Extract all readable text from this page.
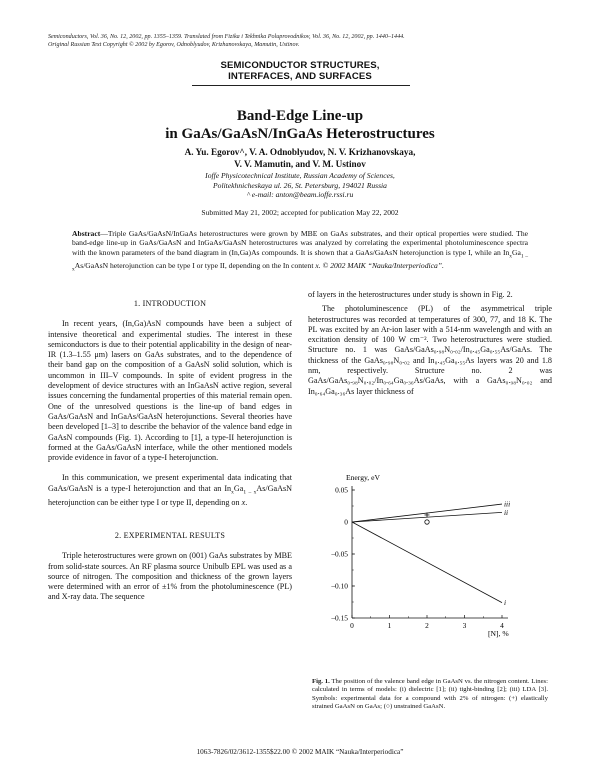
Semiconductors, Vol. 36, No. 12, 2002, pp. 1355–1359. Translated from Fizika i Tekhnika Poluprovodnikov, Vol. 36, No. 12, 2002, pp. 1440–1444.
Original Russian Text Copyright © 2002 by Egorov, Odnoblyudov, Krizhanovskaya, Mamutin, Ustinov.
SEMICONDUCTOR STRUCTURES,
INTERFACES, AND SURFACES
Band-Edge Line-up
in GaAs/GaAsN/InGaAs Heterostructures
A. Yu. Egorov^, V. A. Odnoblyudov, N. V. Krizhanovskaya,
V. V. Mamutin, and V. M. Ustinov
Ioffe Physicotechnical Institute, Russian Academy of Sciences,
Politekhnicheskaya ul. 26, St. Petersburg, 194021 Russia
^ e-mail: anton@beam.ioffe.rssi.ru
Submitted May 21, 2002; accepted for publication May 22, 2002
Abstract—Triple GaAs/GaAsN/InGaAs heterostructures were grown by MBE on GaAs substrates, and their optical properties were studied. The band-edge line-up in GaAs/GaAsN and InGaAs/GaAsN heterostructures was analyzed by correlating the experimental photoluminescence spectra with the known parameters of the band diagram in (In,Ga)As compounds. It is shown that a GaAs/GaAsN heterojunction is type I, while an $In_xGa_{1 - x}As$/GaAsN heterojunction can be type I or type II, depending on the In content x. © 2002 MAIK “Nauka/Interperiodica”.

1. INTRODUCTION

In recent years, (In,Ga)AsN compounds have been a subject of intensive theoretical and experimental studies. The interest in these semiconductors is due to their potential applicability in the design of near-IR (1.3–1.55 μm) lasers on GaAs substrates, and to the dependence of their band gap on the composition of a GaAsN solid solution, which is uncommon in III–V compounds. In spite of evident progress in the development of device structures with an InGaAsN active region, several issues concerning the fundamental properties of this material remain open. One of the unresolved questions is the line-up of band edges in GaAs/GaAsN and InGaAs/GaAsN heterojunctions. Several theories have been developed [1–3] to describe the behavior of the valence band edge in GaAsN compounds (Fig. 1). According to [1], a type-II heterojunction is formed at the GaAs/GaAsN interface, while the other mentioned models provide evidence in favor of a type-I heterojunction.

In this communication, we present experimental data indicating that GaAs/GaAsN is a type-I heterojunction and that an $In_xGa_{1 - x}As$/GaAsN heterojunction can be either type I or type II, depending on x.

2. EXPERIMENTAL RESULTS

Triple heterostructures were grown on (001) GaAs substrates by MBE from solid-state sources. An RF plasma source Unibulb EPL was used as a source of nitrogen. The composition and thickness of the grown layers were determined with an error of ±1% from the photoluminescence (PL) and X-ray data. The sequence

of layers in the heterostructures under study is shown in Fig. 2.

The photoluminescence (PL) of the asymmetrical triple heterostructures was recorded at temperatures of 300, 77, and 18 K. The PL was excited by an Ar-ion laser with a 514-nm wavelength and with an excitation density of 100 W cm⁻². Two heterostructures were studied. Structure no. 1 was GaAs/GaAs₀.₉₈N₀.₀₂/In₀.₄₅Ga₀.₅₅As/GaAs. The thickness of the GaAs₀.₉₈N₀.₀₂ and In₀.₄₅Ga₀.₅₅As layers was 20 and 1.8 nm, respectively. Structure no. 2 was GaAs/GaAs₀.₉₈N₀.₀₂/In₀.₆₄Ga₀.₃₆As/GaAs, with a GaAs₀.₉₈N₀.₀₂ and In₀.₆₄Ga₀.₃₆As layer thickness of

Energy, eV
[N], %
0.05
0
–0.05
–0.10
–0.15
0	1	2	3	4
iii
ii
i
Fig. 1. The position of the valence band edge in GaAsN vs. the nitrogen content. Lines: calculated in terms of models: (i) dielectric [1]; (ii) tight-binding [2]; (iii) LDA [3]. Symbols: experimental data for a compound with 2% of nitrogen: (+) elastically strained GaAsN on GaAs; (○) unstrained GaAsN.
1063-7826/02/3612-1355$22.00 © 2002 MAIK “Nauka/Interperiodica”
